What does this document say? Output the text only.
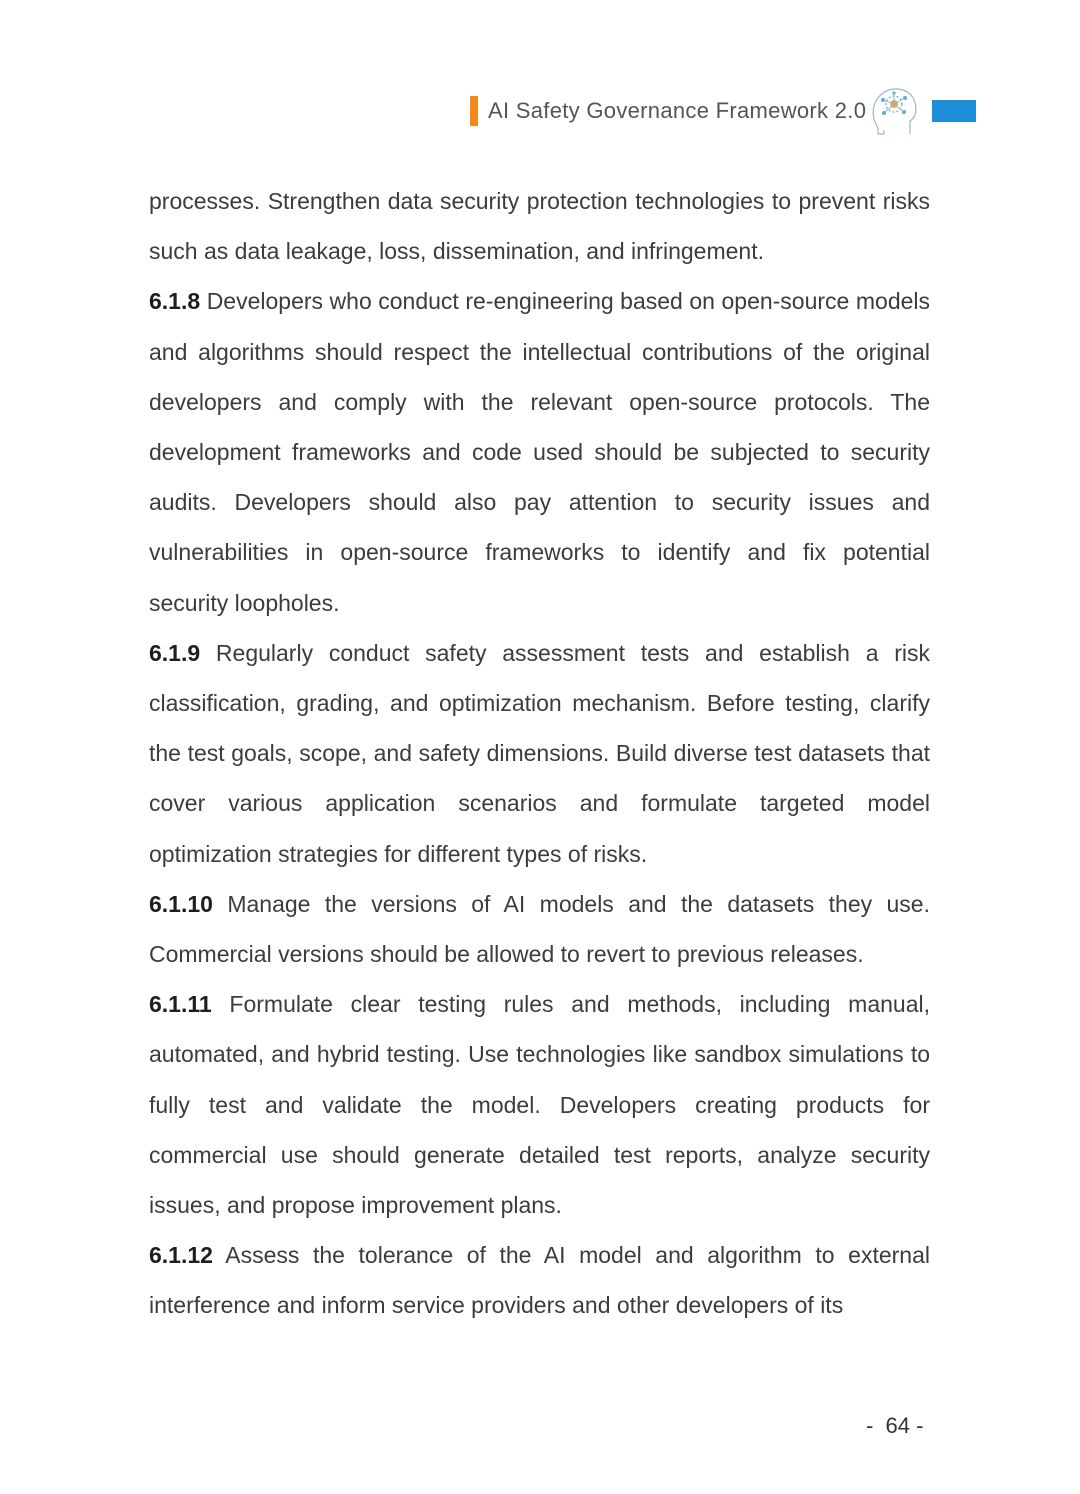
AI Safety Governance Framework 2.0

processes. Strengthen data security protection technologies to prevent risks such as data leakage, loss, dissemination, and infringement.

6.1.8 Developers who conduct re-engineering based on open-source models and algorithms should respect the intellectual contributions of the original developers and comply with the relevant open-source protocols. The development frameworks and code used should be subjected to security audits. Developers should also pay attention to security issues and vulnerabilities in open-source frameworks to identify and fix potential security loopholes.

6.1.9 Regularly conduct safety assessment tests and establish a risk classification, grading, and optimization mechanism. Before testing, clarify the test goals, scope, and safety dimensions. Build diverse test datasets that cover various application scenarios and formulate targeted model optimization strategies for different types of risks.

6.1.10 Manage the versions of AI models and the datasets they use. Commercial versions should be allowed to revert to previous releases.

6.1.11 Formulate clear testing rules and methods, including manual, automated, and hybrid testing. Use technologies like sandbox simulations to fully test and validate the model. Developers creating products for commercial use should generate detailed test reports, analyze security issues, and propose improvement plans.

6.1.12 Assess the tolerance of the AI model and algorithm to external interference and inform service providers and other developers of its

-  64 -
